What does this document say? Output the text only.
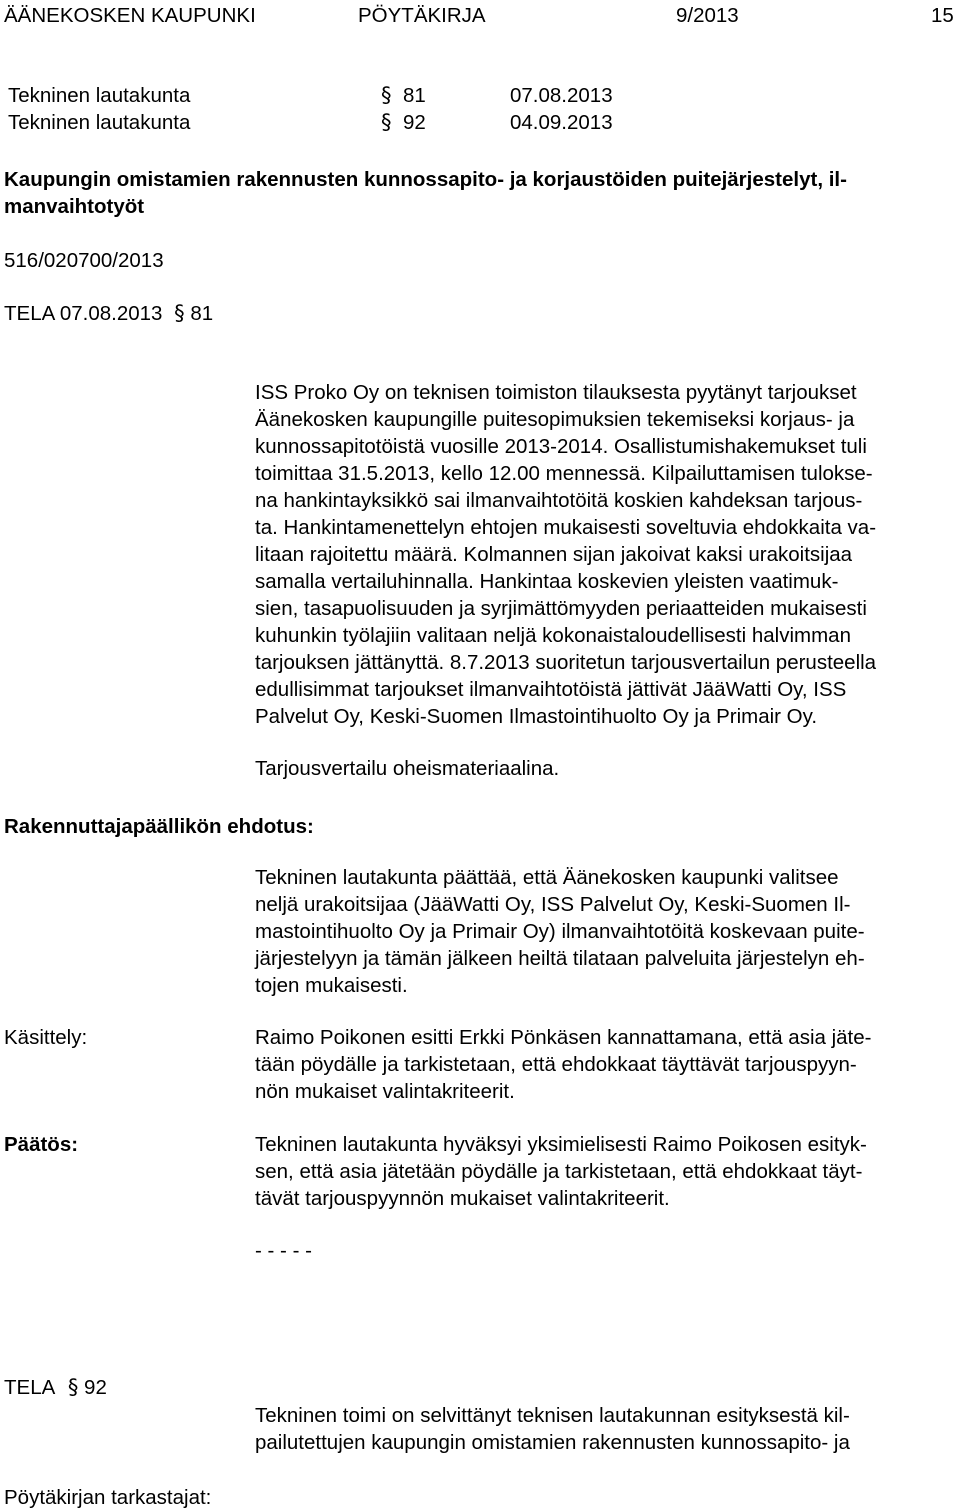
ÄÄNEKOSKEN KAUPUNKI	PÖYTÄKIRJA	9/2013	15
Tekninen lautakunta	§ 81	07.08.2013
Tekninen lautakunta	§ 92	04.09.2013
Kaupungin omistamien rakennusten kunnossapito- ja korjaustöiden puitejärjestelyt, il-manvaihtotyöt
516/020700/2013
TELA 07.08.2013 § 81
ISS Proko Oy on teknisen toimiston tilauksesta pyytänyt tarjoukset
Äänekosken kaupungille puitesopimuksien tekemiseksi korjaus- ja
kunnossapitotöistä vuosille 2013-2014. Osallistumishakemukset tuli
toimittaa 31.5.2013, kello 12.00 mennessä. Kilpailuttamisen tulokse-
na hankintayksikkö sai ilmanvaihtotöitä koskien kahdeksan tarjous-
ta. Hankintamenettelyn ehtojen mukaisesti soveltuvia ehdokkaita va-
litaan rajoitettu määrä. Kolmannen sijan jakoivat kaksi urakoitsijaa
samalla vertailuhinnalla. Hankintaa koskevien yleisten vaatimuk-
sien, tasapuolisuuden ja syrjimättömyyden periaatteiden mukaisesti
kuhunkin työlajiin valitaan neljä kokonaistaloudellisesti halvimman
tarjouksen jättänyttä. 8.7.2013 suoritetun tarjousvertailun perusteella
edullisimmat tarjoukset ilmanvaihtotöistä jättivät JääWatti Oy, ISS
Palvelut Oy, Keski-Suomen Ilmastointihuolto Oy ja Primair Oy.
Tarjousvertailu oheismateriaalina.
Rakennuttajapäällikön ehdotus:
Tekninen lautakunta päättää, että Äänekosken kaupunki valitsee
neljä urakoitsijaa (JääWatti Oy, ISS Palvelut Oy, Keski-Suomen Il-
mastointihuolto Oy ja Primair Oy) ilmanvaihtotöitä koskevaan puite-
järjestelyyn ja tämän jälkeen heiltä tilataan palveluita järjestelyn eh-
tojen mukaisesti.
Käsittely:	Raimo Poikonen esitti Erkki Pönkäsen kannattamana, että asia jäte-
tään pöydälle ja tarkistetaan, että ehdokkaat täyttävät tarjouspyyn-
nön mukaiset valintakriteerit.
Päätös:	Tekninen lautakunta hyväksyi yksimielisesti Raimo Poikosen esityk-
sen, että asia jätetään pöydälle ja tarkistetaan, että ehdokkaat täyt-
tävät tarjouspyynnön mukaiset valintakriteerit.
- - - - -
TELA § 92
Tekninen toimi on selvittänyt teknisen lautakunnan esityksestä kil-
pailutettujen kaupungin omistamien rakennusten kunnossapito- ja
Pöytäkirjan tarkastajat:
